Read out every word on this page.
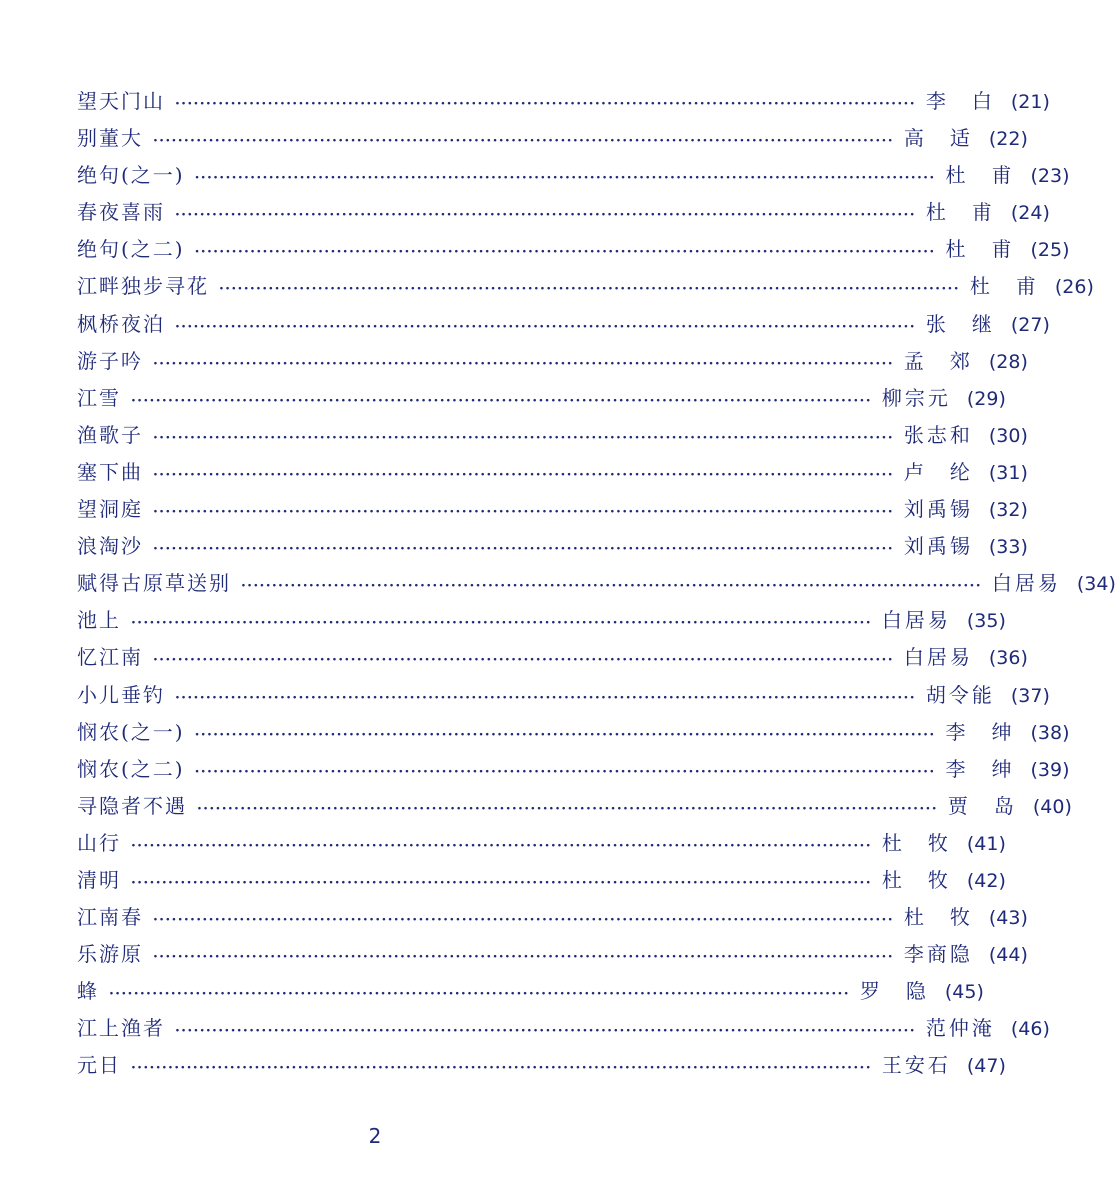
望天门山 ························································································································ 李白 (21)
别董大 ························································································································ 高适 (22)
绝句(之一) ························································································································ 杜甫 (23)
春夜喜雨 ························································································································ 杜甫 (24)
绝句(之二) ························································································································ 杜甫 (25)
江畔独步寻花 ························································································································ 杜甫 (26)
枫桥夜泊 ························································································································ 张继 (27)
游子吟 ························································································································ 孟郊 (28)
江雪 ························································································································ 柳宗元 (29)
渔歌子 ························································································································ 张志和 (30)
塞下曲 ························································································································ 卢纶 (31)
望洞庭 ························································································································ 刘禹锡 (32)
浪淘沙 ························································································································ 刘禹锡 (33)
赋得古原草送别 ························································································································ 白居易 (34)
池上 ························································································································ 白居易 (35)
忆江南 ························································································································ 白居易 (36)
小儿垂钓 ························································································································ 胡令能 (37)
悯农(之一) ························································································································ 李绅 (38)
悯农(之二) ························································································································ 李绅 (39)
寻隐者不遇 ························································································································ 贾岛 (40)
山行 ························································································································ 杜牧 (41)
清明 ························································································································ 杜牧 (42)
江南春 ························································································································ 杜牧 (43)
乐游原 ························································································································ 李商隐 (44)
蜂 ························································································································ 罗隐 (45)
江上渔者 ························································································································ 范仲淹 (46)
元日 ························································································································ 王安石 (47)
2
